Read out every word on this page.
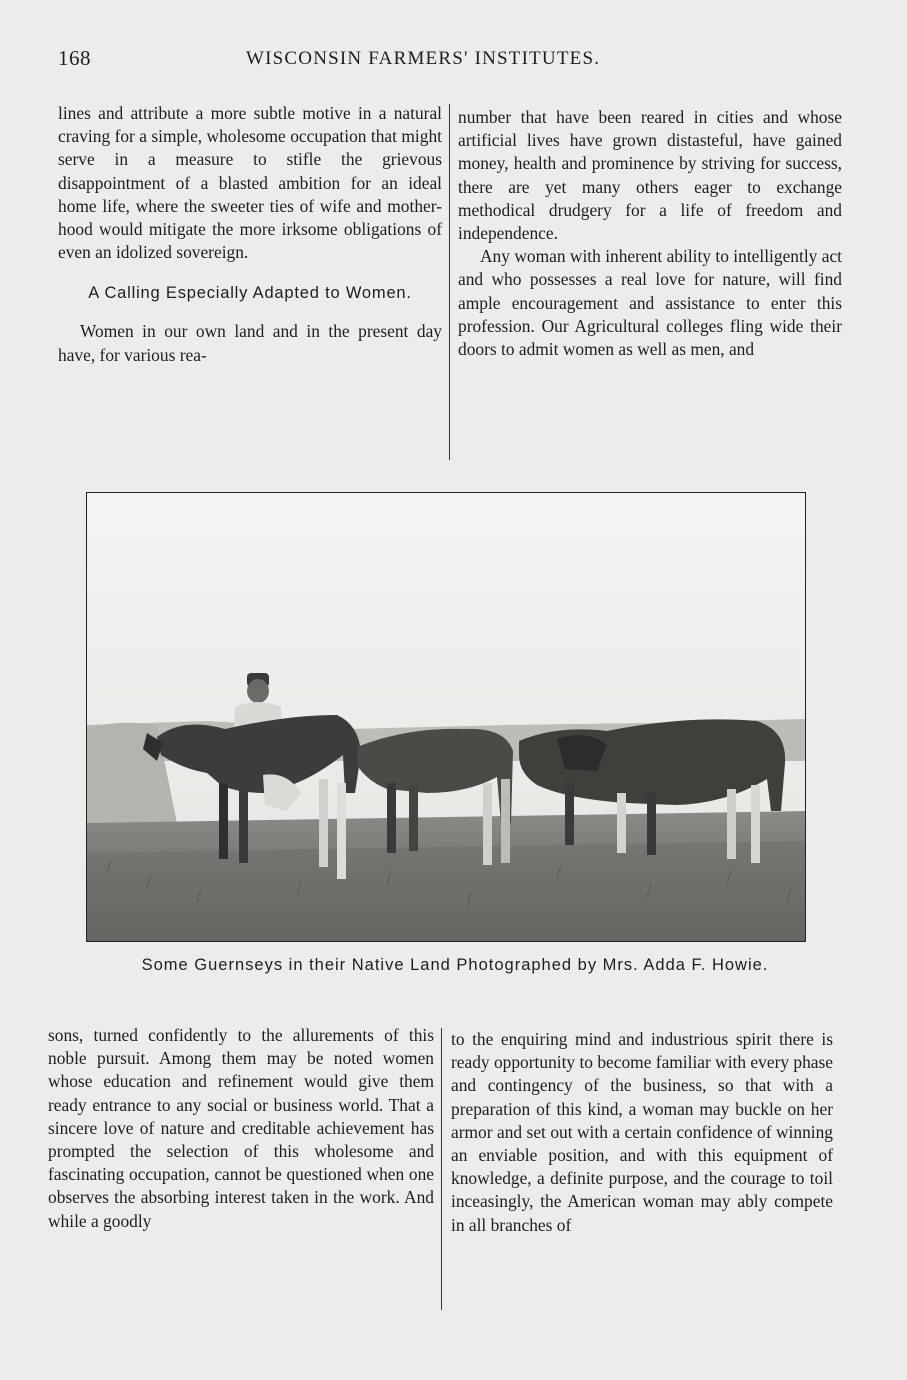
168	WISCONSIN FARMERS' INSTITUTES.

lines and attribute a more subtle motive in a natural craving for a simple, wholesome occupation that might serve in a measure to stifle the grievous disappointment of a blasted ambition for an ideal home life, where the sweeter ties of wife and mother-hood would mitigate the more irksome obligations of even an idolized sovereign.

A Calling Especially Adapted to Women.

Women in our own land and in the present day have, for various rea-

number that have been reared in cities and whose artificial lives have grown distasteful, have gained money, health and prominence by striving for success, there are yet many others eager to exchange methodical drudgery for a life of freedom and independence.

Any woman with inherent ability to intelligently act and who possesses a real love for nature, will find ample encouragement and assistance to enter this profession. Our Agricultural colleges fling wide their doors to admit women as well as men, and

Some Guernseys in their Native Land Photographed by Mrs. Adda F. Howie.

sons, turned confidently to the allurements of this noble pursuit. Among them may be noted women whose education and refinement would give them ready entrance to any social or business world. That a sincere love of nature and creditable achievement has prompted the selection of this wholesome and fascinating occupation, cannot be questioned when one observes the absorbing interest taken in the work. And while a goodly

to the enquiring mind and industrious spirit there is ready opportunity to become familiar with every phase and contingency of the business, so that with a preparation of this kind, a woman may buckle on her armor and set out with a certain confidence of winning an enviable position, and with this equipment of knowledge, a definite purpose, and the courage to toil inceasingly, the American woman may ably compete in all branches of
